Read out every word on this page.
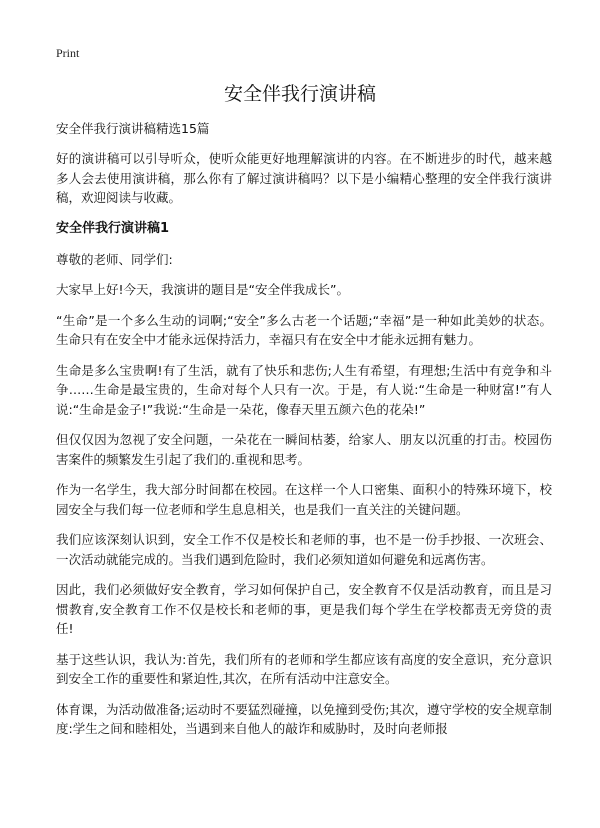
Print
安全伴我行演讲稿
安全伴我行演讲稿精选15篇

好的演讲稿可以引导听众，使听众能更好地理解演讲的内容。在不断进步的时代，越来越多人会去使用演讲稿，那么你有了解过演讲稿吗？以下是小编精心整理的安全伴我行演讲稿，欢迎阅读与收藏。

安全伴我行演讲稿1

尊敬的老师、同学们:

大家早上好!今天，我演讲的题目是“安全伴我成长”。

“生命”是一个多么生动的词啊;“安全”多么古老一个话题;“幸福”是一种如此美妙的状态。生命只有在安全中才能永远保持活力，幸福只有在安全中才能永远拥有魅力。

生命是多么宝贵啊!有了生活，就有了快乐和悲伤;人生有希望，有理想;生活中有竞争和斗争……生命是最宝贵的，生命对每个人只有一次。于是，有人说:“生命是一种财富!”有人说:“生命是金子!”我说:“生命是一朵花，像春天里五颜六色的花朵!”

但仅仅因为忽视了安全问题，一朵花在一瞬间枯萎，给家人、朋友以沉重的打击。校园伤害案件的频繁发生引起了我们的.重视和思考。

作为一名学生，我大部分时间都在校园。在这样一个人口密集、面积小的特殊环境下，校园安全与我们每一位老师和学生息息相关，也是我们一直关注的关键问题。

我们应该深刻认识到，安全工作不仅是校长和老师的事，也不是一份手抄报、一次班会、一次活动就能完成的。当我们遇到危险时，我们必须知道如何避免和远离伤害。

因此，我们必须做好安全教育，学习如何保护自己，安全教育不仅是活动教育，而且是习惯教育,安全教育工作不仅是校长和老师的事，更是我们每个学生在学校都责无旁贷的责任!

基于这些认识，我认为:首先，我们所有的老师和学生都应该有高度的安全意识，充分意识到安全工作的重要性和紧迫性,其次，在所有活动中注意安全。

体育课，为活动做准备;运动时不要猛烈碰撞，以免撞到受伤;其次，遵守学校的安全规章制度:学生之间和睦相处，当遇到来自他人的敲诈和威胁时，及时向老师报
